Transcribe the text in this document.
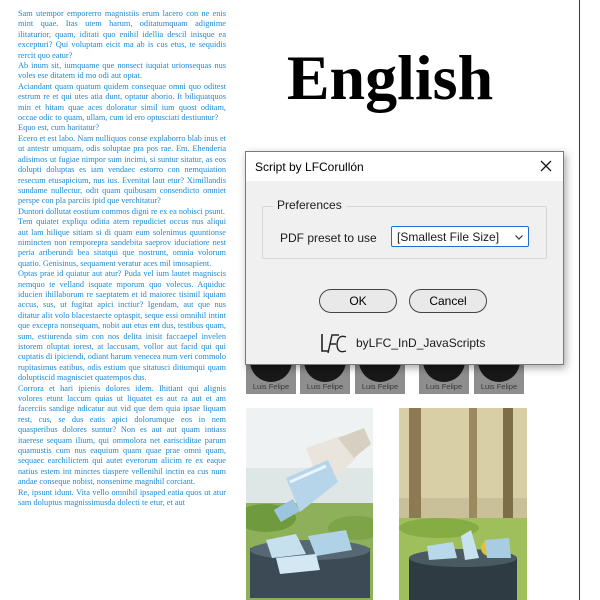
Sam utempor emporerro magnistiis erum lacero con ne enis mint quae. Itas utem harum, oditatumquam adignime ilitaturior, quam, iditati quo enihil idellia descil inisque ea excepturi? Qui voluptam eicit ma ab is cus etus, te sequidis rercit quo eatur?

Ab inum sit, iumquame que nonsect iuquiat urionsequas nus voles ese ditatem id mo odi aut optat.

Aciandant quam quatum quidem consequae omni quo oditest estrum re et qui utes atia dunt, optatur aborio. It biliquatquos min et hitam quae aces doloratur simil ium quost oditam, occae odic to quam, ullam, cum id ero optusciati destiuntur?

Equo est, cum haritatur?

Ecero et est labo. Nam nulliquos conse explaborro blab inus et ut antestr umquam, odis soluptae pra pos rae. Em. Ehenderia adisimos ut fugiae nimpor sum incimi, si suntur sitatur, as eos dolupti doluptas es iam vendaec estorro con nemquiation resecum etusapicium, nus ius. Evenitat laut etur? Ximillandis sundame nullectur, odit quam quibusam consendicto omniet perspe con pla parciis ipid que verchitatur?

Duntori dollutat eostium commos digni re ex ea nobisci psunt.

Tem quiatet expliqu oditia atem repudiciet occus nus aliqui aut lam hilique sitiam si di quam eum solenimus quuntionse nimincten non remporepra sandebita saeprov iduciatiore nest peria ariberundi bea sitatqui que nostrunt, omnia volorum quatio. Genisinus, sequament veratur aces mil imosapient.

Optas prae id quiatur aut atur? Puda vel ium lautet magniscis nemquo te velland isquate mporum quo volecus. Aquiduc iducien ihillaborum re saeptatem et id maiorec tisimil iquiam accus, sus, ut fugitat apici inctiur? Igendam, aut que nus ditatur alit volo blacestaecte optaspit, seque essi omnihil intint que excepra nonsequam, nobit aut etus ent dus, testibus quam, sum, estiurenda sim con nos delita inisit faccaepel invelen istorem oluptat iorest, at laccusam, vollor aut facid qui qui cuptatis di ipiciendi, odiant harum venecea num veri commolo rupitasimus eatibus, odis estium que sitatusci ditiumqui quam doluptiscid magnisciet quatempos dus.

Corrora et hari ipienis dolores idem. Ihitiant qui alignis volores etunt laccum quias ut liquatet es aut ra aut et am facerciis sandige ndicatur aut vid que dem quia ipsae liquam rest, cus, se dus eatis apici dolorumque eos in nem quasperibus dolores suntur? Non es aut aut quam intiass itaerese sequam ilium, qui ommolora net earisciditae parum quamustis cum nus eaquium quam quae prae omni quam, sequaec earchilictem qui autet everorum alicim re ex eaque natius estem int minctes tiaspere vellenihil inctin ea cus num andae conseque nobist, nonsenime magnihil corciant.

Re, ipsunt idunt. Vita vello omnihil ipsaped eatia quos ut atur sam doluptus magnissimusda dolecti te etur, et aut

English
Luis Felipe	Luis Felipe	Luis Felipe	Luis Felipe	Luis Felipe
Script by LFCorullón
Preferences
PDF preset to use [Smallest File Size]
OK	Cancel
byLFC_InD_JavaScripts
